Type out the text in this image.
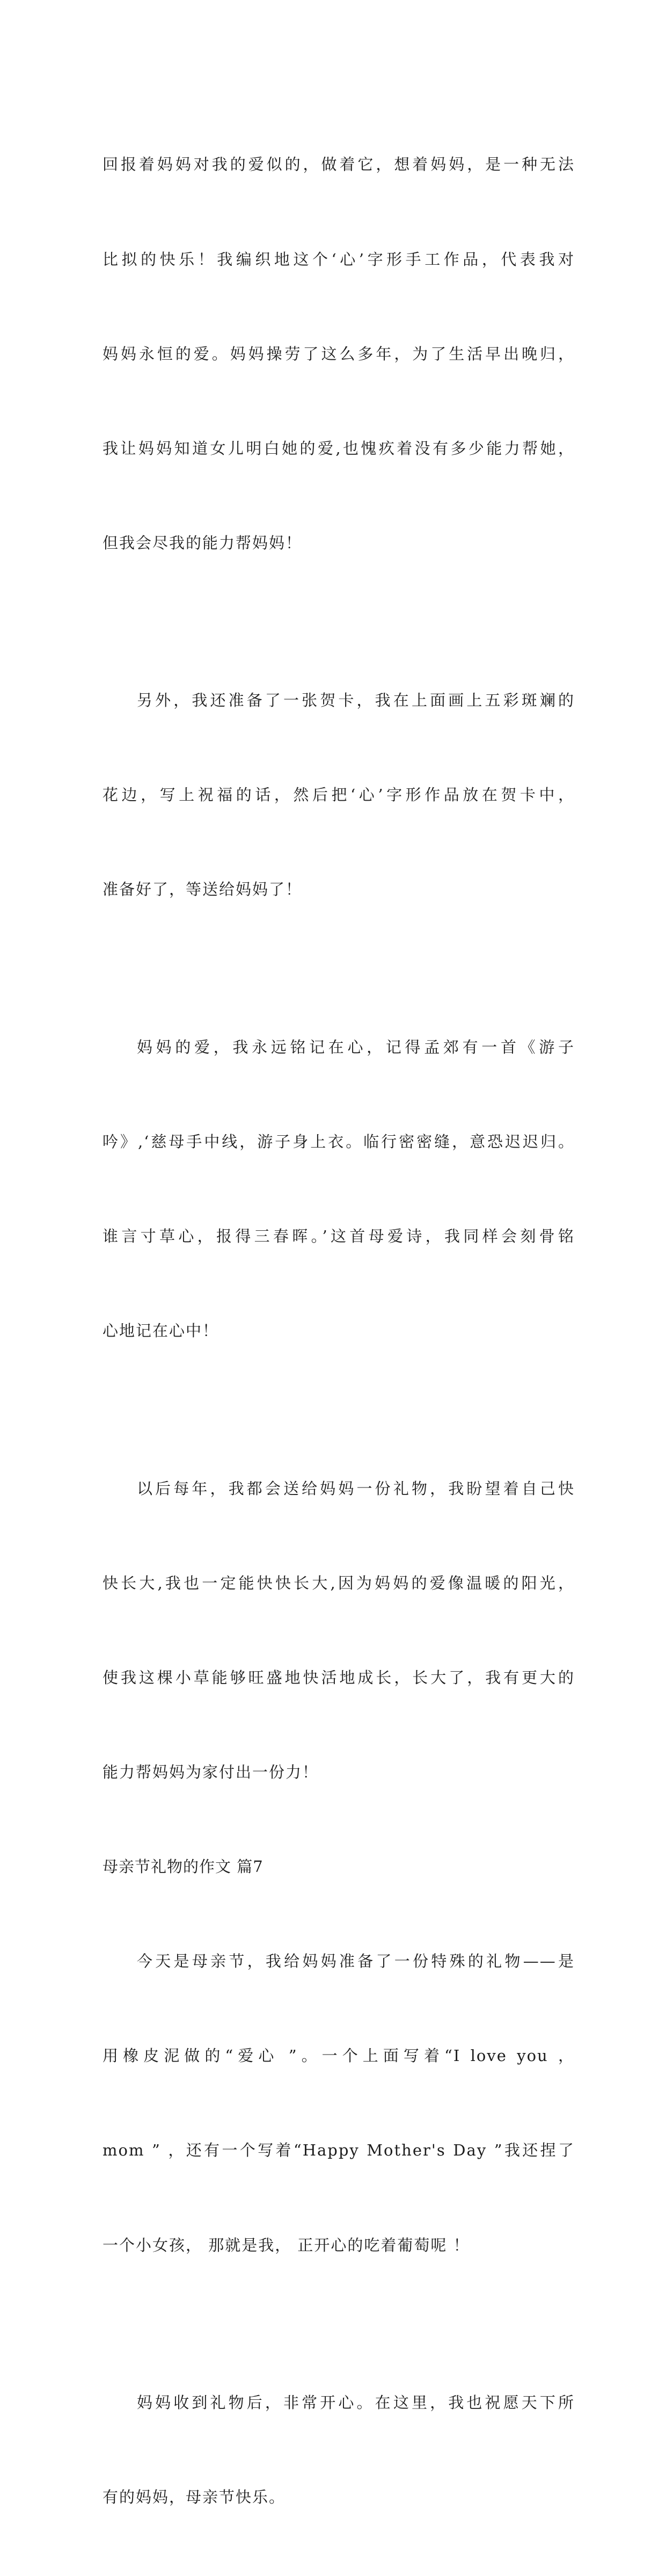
回报着妈妈对我的爱似的，做着它，想着妈妈，是一种无法

比拟的快乐！我编织地这个‘心’字形手工作品，代表我对

妈妈永恒的爱。妈妈操劳了这么多年，为了生活早出晚归，

我让妈妈知道女儿明白她的爱,也愧疚着没有多少能力帮她，

但我会尽我的能力帮妈妈！

另外，我还准备了一张贺卡，我在上面画上五彩斑斓的

花边，写上祝福的话，然后把‘心’字形作品放在贺卡中，

准备好了，等送给妈妈了！

妈妈的爱，我永远铭记在心，记得孟郊有一首《游子

吟》,‘慈母手中线，游子身上衣。临行密密缝，意恐迟迟归。

谁言寸草心，报得三春晖。’这首母爱诗，我同样会刻骨铭

心地记在心中！

以后每年，我都会送给妈妈一份礼物，我盼望着自己快

快长大,我也一定能快快长大,因为妈妈的爱像温暖的阳光，

使我这棵小草能够旺盛地快活地成长，长大了，我有更大的

能力帮妈妈为家付出一份力！

母亲节礼物的作文 篇7

今天是母亲节，我给妈妈准备了一份特殊的礼物——是

用橡皮泥做的“爱心 ”。一个上面写着“I love you ，

mom ” ，还有一个写着“Happy Mother's Day ”我还捏了

一个小女孩， 那就是我， 正开心的吃着葡萄呢 ！

妈妈收到礼物后，非常开心。在这里，我也祝愿天下所

有的妈妈，母亲节快乐。
